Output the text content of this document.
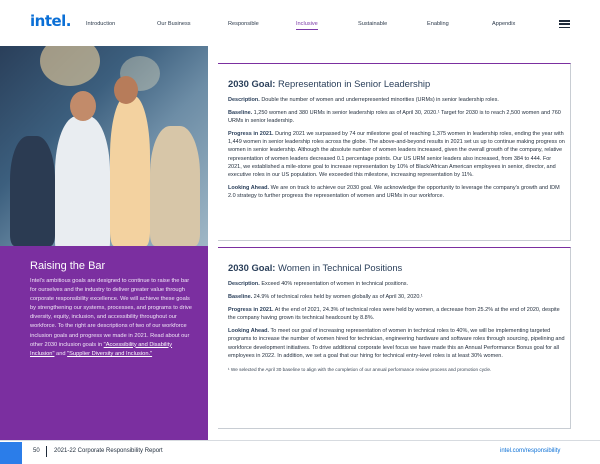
intel.	Introduction	Our Business	Responsible	Inclusive	Sustainable	Enabling	Appendix
Raising the Bar

Intel's ambitious goals are designed to continue to raise the bar for ourselves and the industry to deliver greater value through corporate responsibility excellence. We will achieve these goals by strengthening our systems, processes, and programs to drive diversity, equity, inclusion, and accessibility throughout our workforce. To the right are descriptions of two of our workforce inclusion goals and progress we made in 2021. Read about our other 2030 inclusion goals in "Accessibility and Disability Inclusion" and "Supplier Diversity and Inclusion."

2030 Goal: Representation in Senior Leadership

Description. Double the number of women and underrepresented minorities (URMs) in senior leadership roles.

Baseline. 1,250 women and 380 URMs in senior leadership roles as of April 30, 2020.¹ Target for 2030 is to reach 2,500 women and 760 URMs in senior leadership.

Progress in 2021. During 2021 we surpassed by 74 our milestone goal of reaching 1,375 women in leadership roles, ending the year with 1,449 women in senior leadership roles across the globe. The above-and-beyond results in 2021 set us up to continue making progress on women in senior leadership. Although the absolute number of women leaders increased, given the overall growth of the company, relative representation of women leaders decreased 0.1 percentage points. Our US URM senior leaders also increased, from 384 to 444. For 2021, we established a mile-stone goal to increase representation by 10% of Black/African American employees in senior, director, and executive roles in our US population. We exceeded this milestone, increasing representation by 11%.

Looking Ahead. We are on track to achieve our 2030 goal. We acknowledge the opportunity to leverage the company's growth and IDM 2.0 strategy to further progress the representation of women and URMs in our workforce.

2030 Goal: Women in Technical Positions

Description. Exceed 40% representation of women in technical positions.

Baseline. 24.9% of technical roles held by women globally as of April 30, 2020.¹

Progress in 2021. At the end of 2021, 24.3% of technical roles were held by women, a decrease from 25.2% at the end of 2020, despite the company having grown its technical headcount by 8.8%.

Looking Ahead. To meet our goal of increasing representation of women in technical roles to 40%, we will be implementing targeted programs to increase the number of women hired for technician, engineering hardware and software roles through sourcing, pipelining and workforce development initiatives. To drive additional corporate level focus we have made this an Annual Performance Bonus goal for all employees in 2022. In addition, we set a goal that our hiring for technical entry-level roles is at least 30% women.

¹ We selected the April 30 baseline to align with the completion of our annual performance review process and promotion cycle.

50 2021-22 Corporate Responsibility Report	intel.com/responsibility
